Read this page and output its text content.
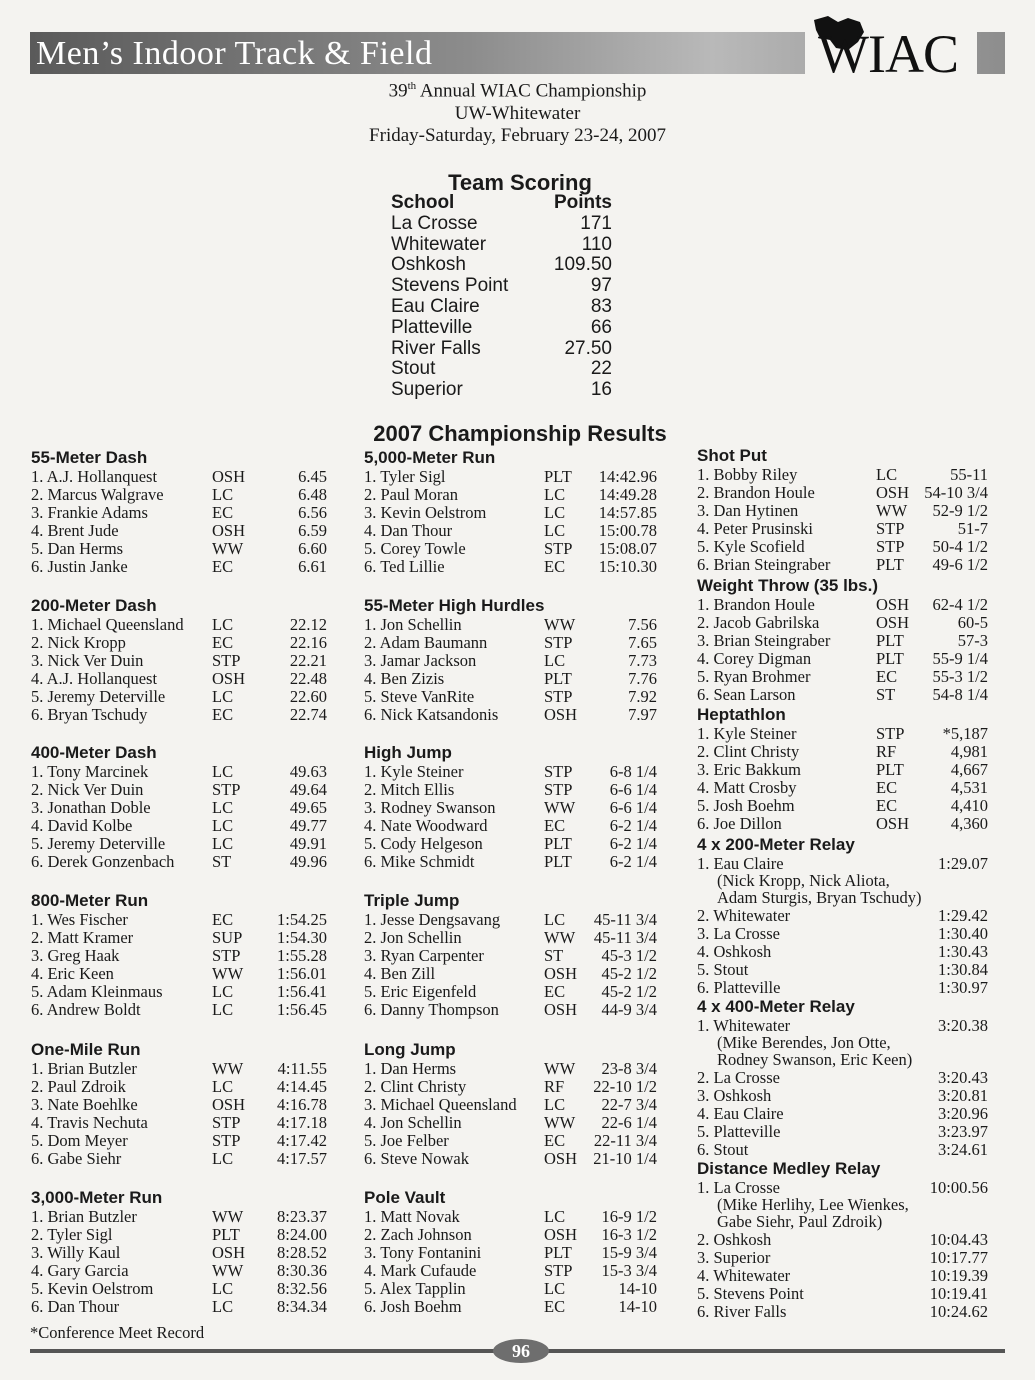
Men’s Indoor Track & Field	WIAC
39th Annual WIAC Championship
UW-Whitewater
Friday-Saturday, February 23-24, 2007
Team Scoring
School	Points
La Crosse	171
Whitewater	110
Oshkosh	109.50
Stevens Point	97
Eau Claire	83
Platteville	66
River Falls	27.50
Stout	22
Superior	16
2007 Championship Results
55-Meter Dash
1. A.J. Hollanquest	OSH	6.45
2. Marcus Walgrave	LC	6.48
3. Frankie Adams	EC	6.56
4. Brent Jude	OSH	6.59
5. Dan Herms	WW	6.60
6. Justin Janke	EC	6.61
200-Meter Dash
1. Michael Queensland LC	22.12
2. Nick Kropp	EC	22.16
3. Nick Ver Duin	STP	22.21
4. A.J. Hollanquest	OSH	22.48
5. Jeremy Deterville	LC	22.60
6. Bryan Tschudy	EC	22.74
400-Meter Dash
1. Tony Marcinek	LC	49.63
2. Nick Ver Duin	STP	49.64
3. Jonathan Doble	LC	49.65
4. David Kolbe	LC	49.77
5. Jeremy Deterville	LC	49.91
6. Derek Gonzenbach ST	49.96
800-Meter Run
1. Wes Fischer	EC	1:54.25
2. Matt Kramer	SUP 1:54.30
3. Greg Haak	STP 1:55.28
4. Eric Keen	WW 1:56.01
5. Adam Kleinmaus	LC	1:56.41
6. Andrew Boldt	LC	1:56.45
One-Mile Run
1. Brian Butzler	WW 4:11.55
2. Paul Zdroik	LC	4:14.45
3. Nate Boehlke	OSH 4:16.78
4. Travis Nechuta	STP 4:17.18
5. Dom Meyer	STP 4:17.42
6. Gabe Siehr	LC	4:17.57
3,000-Meter Run
1. Brian Butzler	WW 8:23.37
2. Tyler Sigl	PLT 8:24.00
3. Willy Kaul	OSH 8:28.52
4. Gary Garcia	WW 8:30.36
5. Kevin Oelstrom	LC	8:32.56
6. Dan Thour	LC	8:34.34
5,000-Meter Run
1. Tyler Sigl	PLT 14:42.96
2. Paul Moran	LC 14:49.28
3. Kevin Oelstrom	LC 14:57.85
4. Dan Thour	LC 15:00.78
5. Corey Towle	STP 15:08.07
6. Ted Lillie	EC 15:10.30
55-Meter High Hurdles
1. Jon Schellin	WW	7.56
2. Adam Baumann	STP	7.65
3. Jamar Jackson	LC	7.73
4. Ben Zizis	PLT	7.76
5. Steve VanRite	STP	7.92
6. Nick Katsandonis	OSH	7.97
High Jump
1. Kyle Steiner	STP 6-8 1/4
2. Mitch Ellis	STP 6-6 1/4
3. Rodney Swanson	WW 6-6 1/4
4. Nate Woodward	EC	6-2 1/4
5. Cody Helgeson	PLT 6-2 1/4
6. Mike Schmidt	PLT 6-2 1/4
Triple Jump
1. Jesse Dengsavang	LC 45-11 3/4
2. Jon Schellin	WW 45-11 3/4
3. Ryan Carpenter	ST 45-3 1/2
4. Ben Zill	OSH 45-2 1/2
5. Eric Eigenfeld	EC 45-2 1/2
6. Danny Thompson	OSH 44-9 3/4
Long Jump
1. Dan Herms	WW 23-8 3/4
2. Clint Christy	RF 22-10 1/2
3. Michael Queensland LC 22-7 3/4
4. Jon Schellin	WW 22-6 1/4
5. Joe Felber	EC 22-11 3/4
6. Steve Nowak	OSH 21-10 1/4
Pole Vault
1. Matt Novak	LC 16-9 1/2
2. Zach Johnson	OSH 16-3 1/2
3. Tony Fontanini	PLT 15-9 3/4
4. Mark Cufaude	STP 15-3 3/4
5. Alex Tapplin	LC	14-10
6. Josh Boehm	EC	14-10
Shot Put
1. Bobby Riley	LC	55-11
2. Brandon Houle	OSH 54-10 3/4
3. Dan Hytinen	WW 52-9 1/2
4. Peter Prusinski	STP	51-7
5. Kyle Scofield	STP 50-4 1/2
6. Brian Steingraber	PLT 49-6 1/2
Weight Throw (35 lbs.)
1. Brandon Houle	OSH 62-4 1/2
2. Jacob Gabrilska	OSH	60-5
3. Brian Steingraber	PLT	57-3
4. Corey Digman	PLT 55-9 1/4
5. Ryan Brohmer	EC 55-3 1/2
6. Sean Larson	ST 54-8 1/4
Heptathlon
1. Kyle Steiner	STP *5,187
2. Clint Christy	RF	4,981
3. Eric Bakkum	PLT	4,667
4. Matt Crosby	EC	4,531
5. Josh Boehm	EC	4,410
6. Joe Dillon	OSH	4,360
4 x 200-Meter Relay
1. Eau Claire	1:29.07
(Nick Kropp, Nick Aliota,
Adam Sturgis, Bryan Tschudy)
2. Whitewater	1:29.42
3. La Crosse	1:30.40
4. Oshkosh	1:30.43
5. Stout	1:30.84
6. Platteville	1:30.97
4 x 400-Meter Relay
1. Whitewater	3:20.38
(Mike Berendes, Jon Otte,
Rodney Swanson, Eric Keen)
2. La Crosse	3:20.43
3. Oshkosh	3:20.81
4. Eau Claire	3:20.96
5. Platteville	3:23.97
6. Stout	3:24.61
Distance Medley Relay
1. La Crosse	10:00.56
(Mike Herlihy, Lee Wienkes,
Gabe Siehr, Paul Zdroik)
2. Oshkosh	10:04.43
3. Superior	10:17.77
4. Whitewater	10:19.39
5. Stevens Point	10:19.41
6. River Falls	10:24.62
*Conference Meet Record
96
